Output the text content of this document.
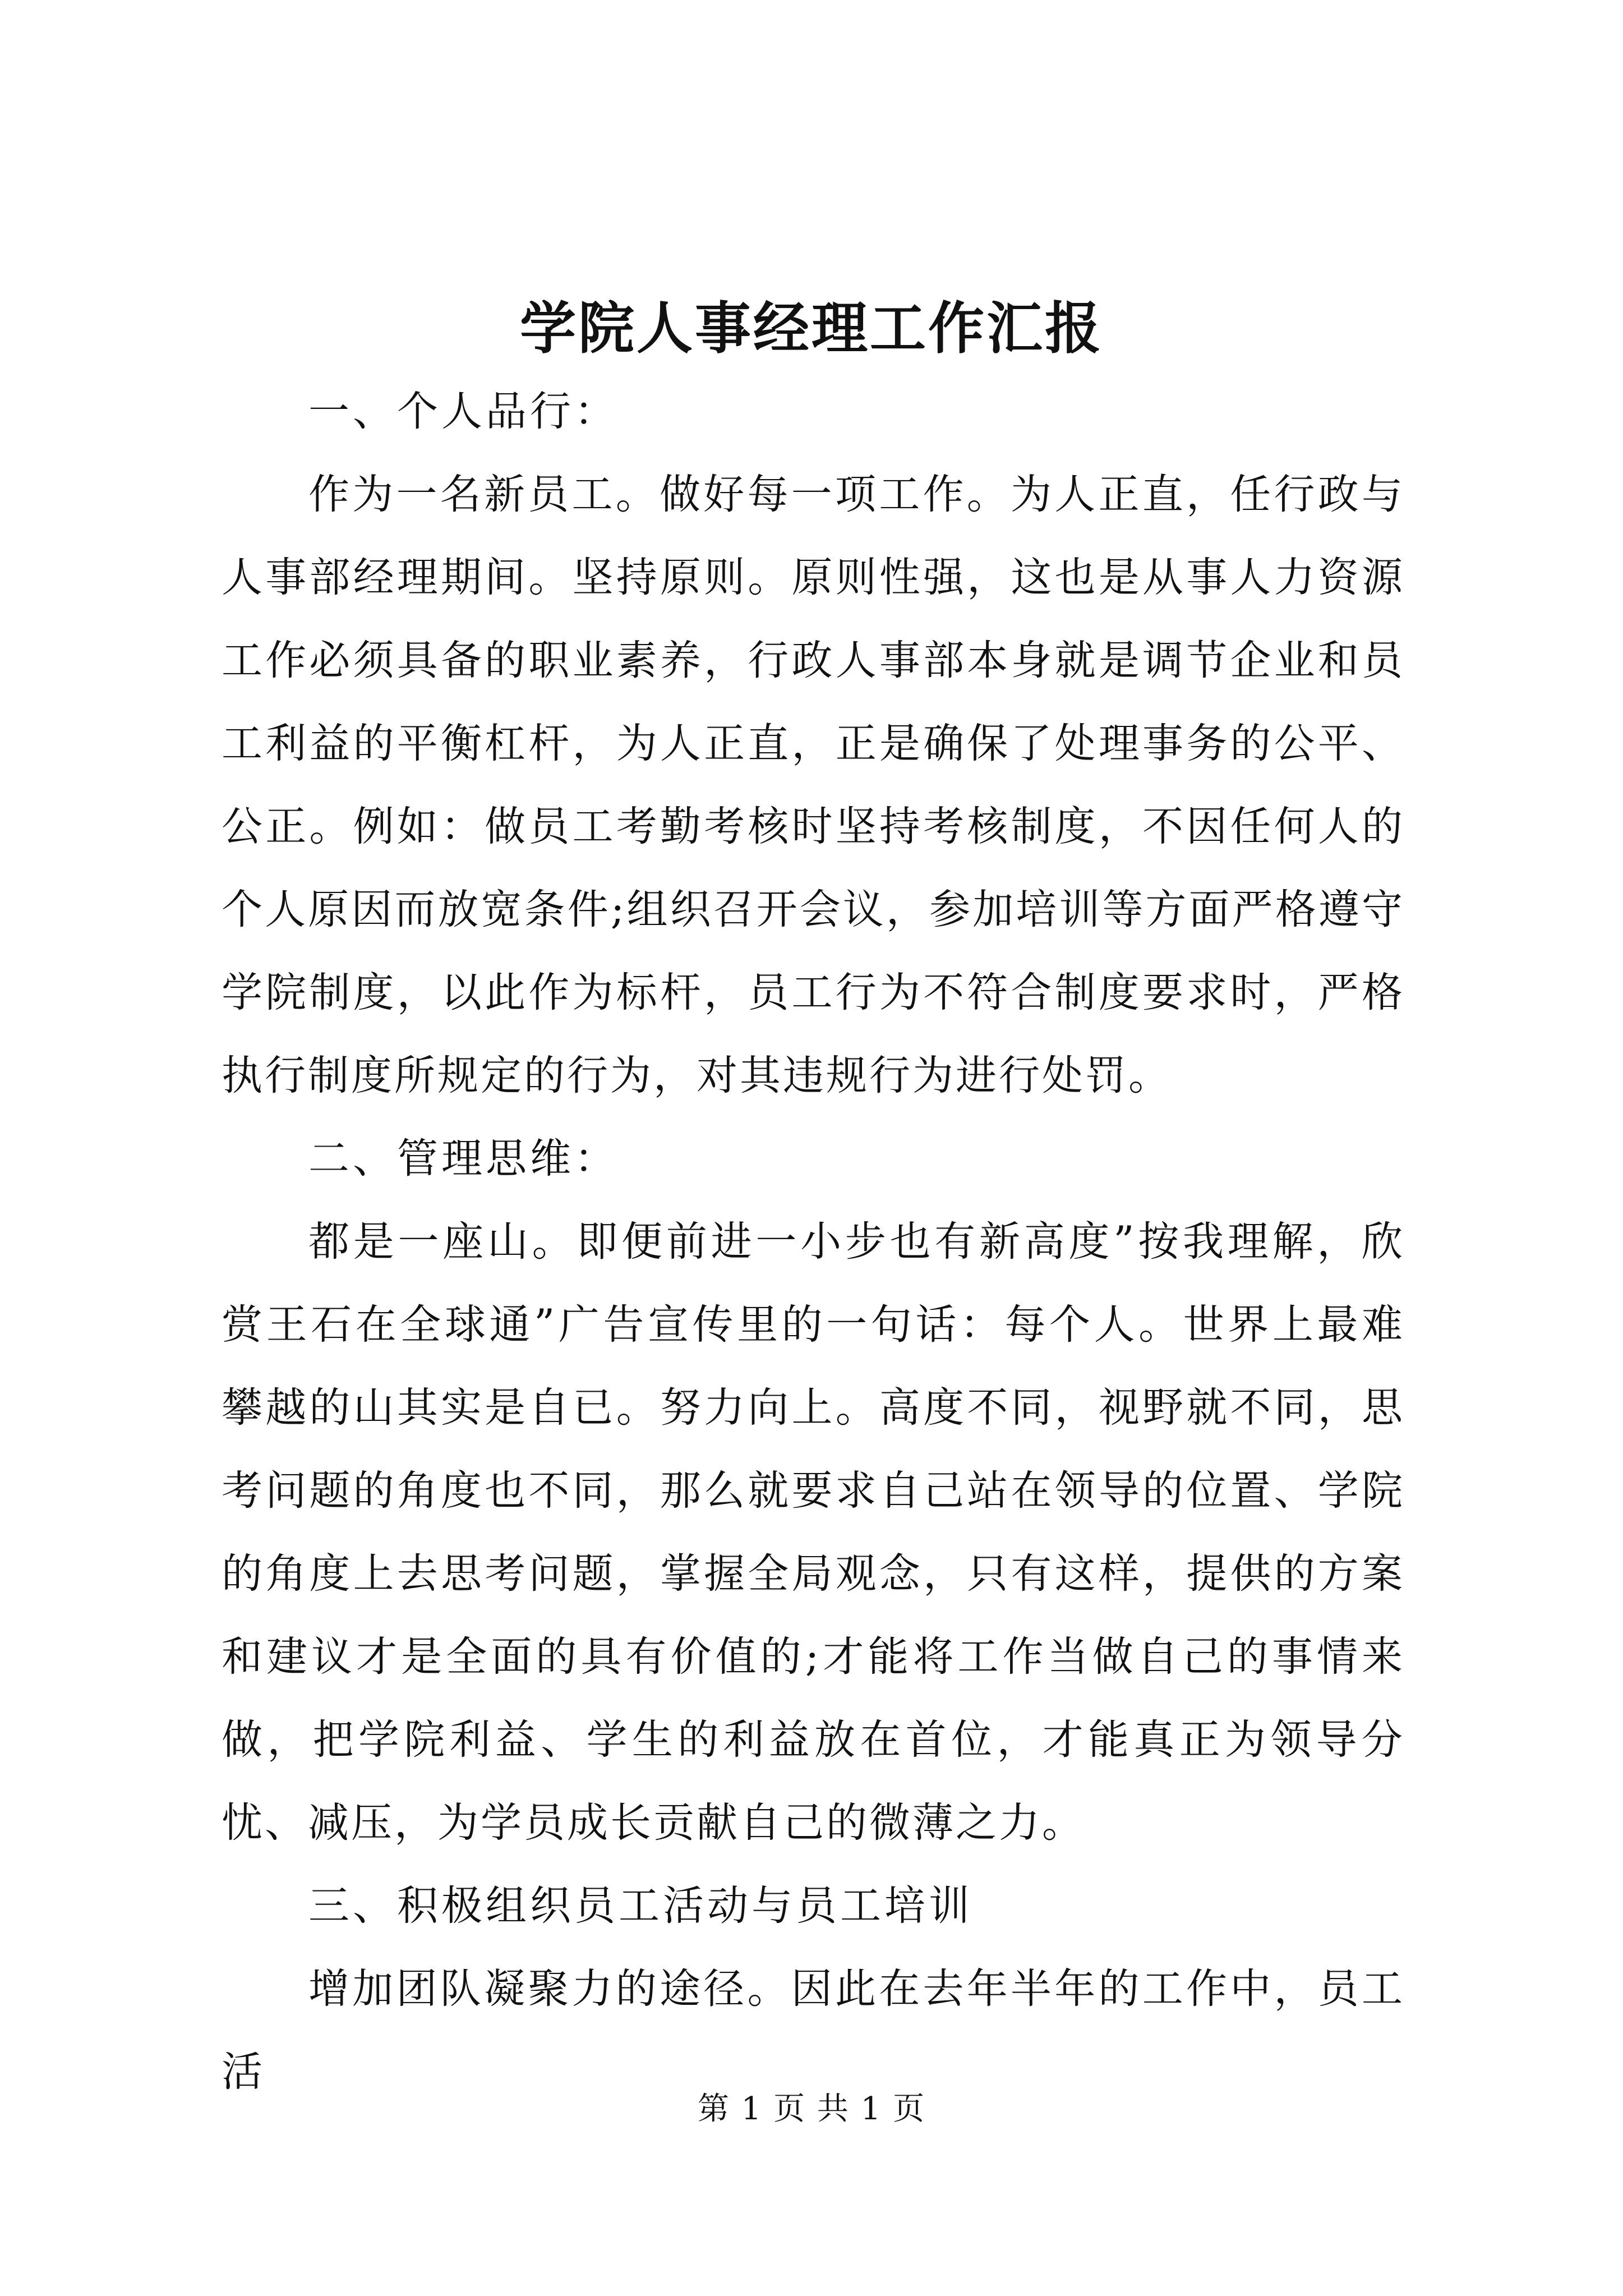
学院人事经理工作汇报

一、个人品行：

作为一名新员工。做好每一项工作。为人正直，任行政与人事部经理期间。坚持原则。原则性强，这也是从事人力资源工作必须具备的职业素养，行政人事部本身就是调节企业和员工利益的平衡杠杆，为人正直，正是确保了处理事务的公平、公正。例如：做员工考勤考核时坚持考核制度，不因任何人的个人原因而放宽条件;组织召开会议，参加培训等方面严格遵守学院制度，以此作为标杆，员工行为不符合制度要求时，严格执行制度所规定的行为，对其违规行为进行处罚。

二、管理思维：

都是一座山。即便前进一小步也有新高度”按我理解，欣赏王石在全球通”广告宣传里的一句话：每个人。世界上最难攀越的山其实是自已。努力向上。高度不同，视野就不同，思考问题的角度也不同，那么就要求自己站在领导的位置、学院的角度上去思考问题，掌握全局观念，只有这样，提供的方案和建议才是全面的具有价值的;才能将工作当做自己的事情来做，把学院利益、学生的利益放在首位，才能真正为领导分忧、减压，为学员成长贡献自己的微薄之力。

三、积极组织员工活动与员工培训

增加团队凝聚力的途径。因此在去年半年的工作中，员工活

第 1 页 共 1 页
